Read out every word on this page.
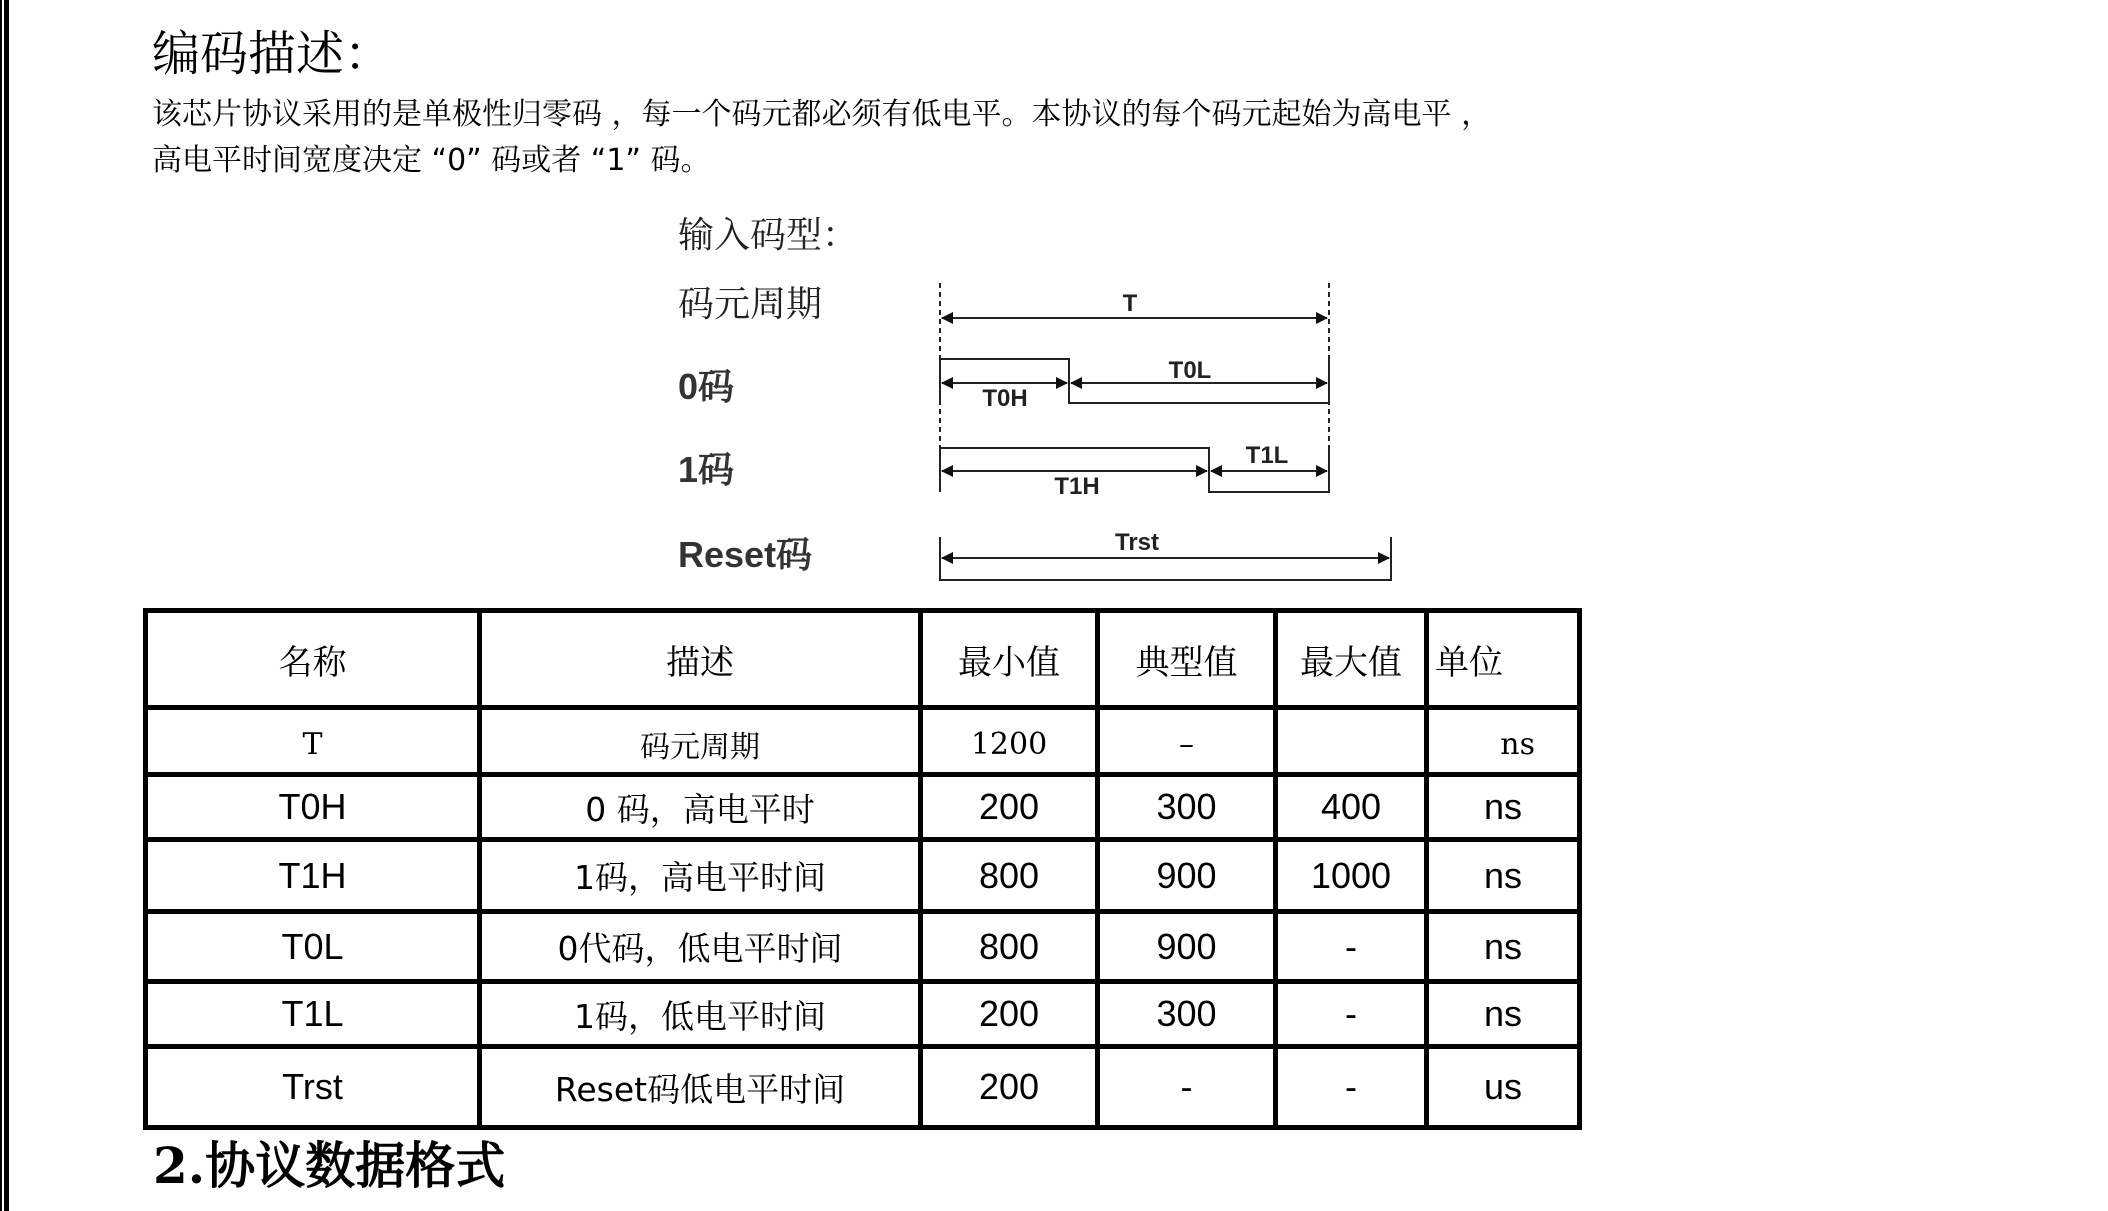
编码描述：
该芯片协议采用的是单极性归零码 ，每一个码元都必须有低电平。本协议的每个码元起始为高电平 ，
高电平时间宽度决定 “0” 码或者 “1” 码。
输入码型：
码元周期
0码
1码
Reset码
T
T0H
T0L
T1H
T1L
Trst
名称	描述	最小值	典型值	最大值	单位
T	码元周期	1200	–		ns
T0H	0 码，高电平时	200	300	400	ns
T1H	1码，高电平时间	800	900	1000	ns
T0L	0代码，低电平时间	800	900	-	ns
T1L	1码，低电平时间	200	300	-	ns
Trst	Reset码低电平时间	200	-	-	us
2.协议数据格式
